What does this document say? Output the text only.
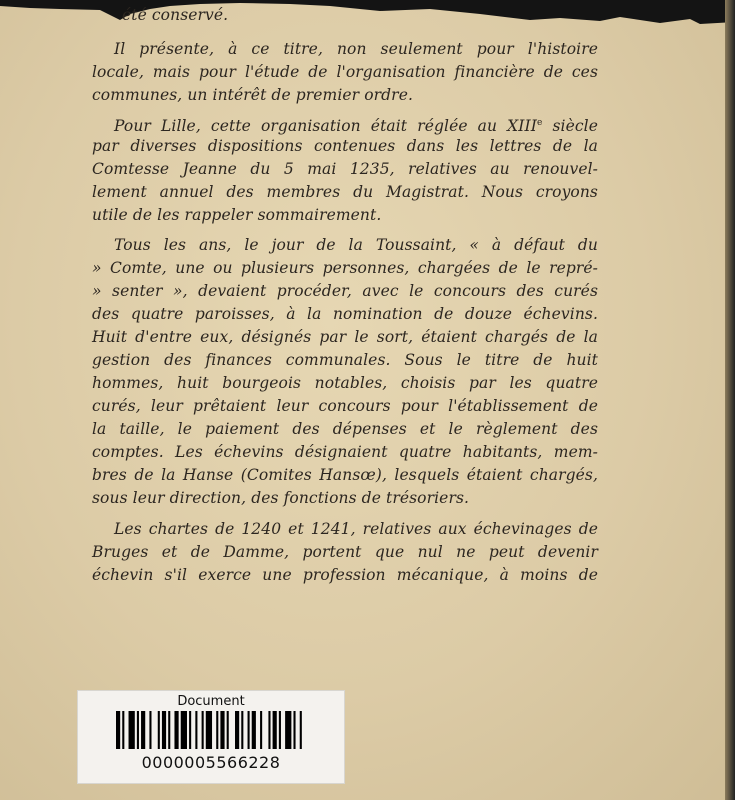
été conservé.
Il présente, à ce titre, non seulement pour l'histoire
locale, mais pour l'étude de l'organisation financière de ces
communes, un intérêt de premier ordre.
Pour Lille, cette organisation était réglée au XIIIe siècle
par diverses dispositions contenues dans les lettres de la
Comtesse Jeanne du 5 mai 1235, relatives au renouvel-
lement annuel des membres du Magistrat. Nous croyons
utile de les rappeler sommairement.
Tous les ans, le jour de la Toussaint, « à défaut du
» Comte, une ou plusieurs personnes, chargées de le repré-
» senter », devaient procéder, avec le concours des curés
des quatre paroisses, à la nomination de douze échevins.
Huit d'entre eux, désignés par le sort, étaient chargés de la
gestion des finances communales. Sous le titre de huit
hommes, huit bourgeois notables, choisis par les quatre
curés, leur prêtaient leur concours pour l'établissement de
la taille, le paiement des dépenses et le règlement des
comptes. Les échevins désignaient quatre habitants, mem-
bres de la Hanse (Comites Hansœ), lesquels étaient chargés,
sous leur direction, des fonctions de trésoriers.
Les chartes de 1240 et 1241, relatives aux échevinages de
Bruges et de Damme, portent que nul ne peut devenir
échevin s'il exerce une profession mécanique, à moins de
Document
0000005566228
